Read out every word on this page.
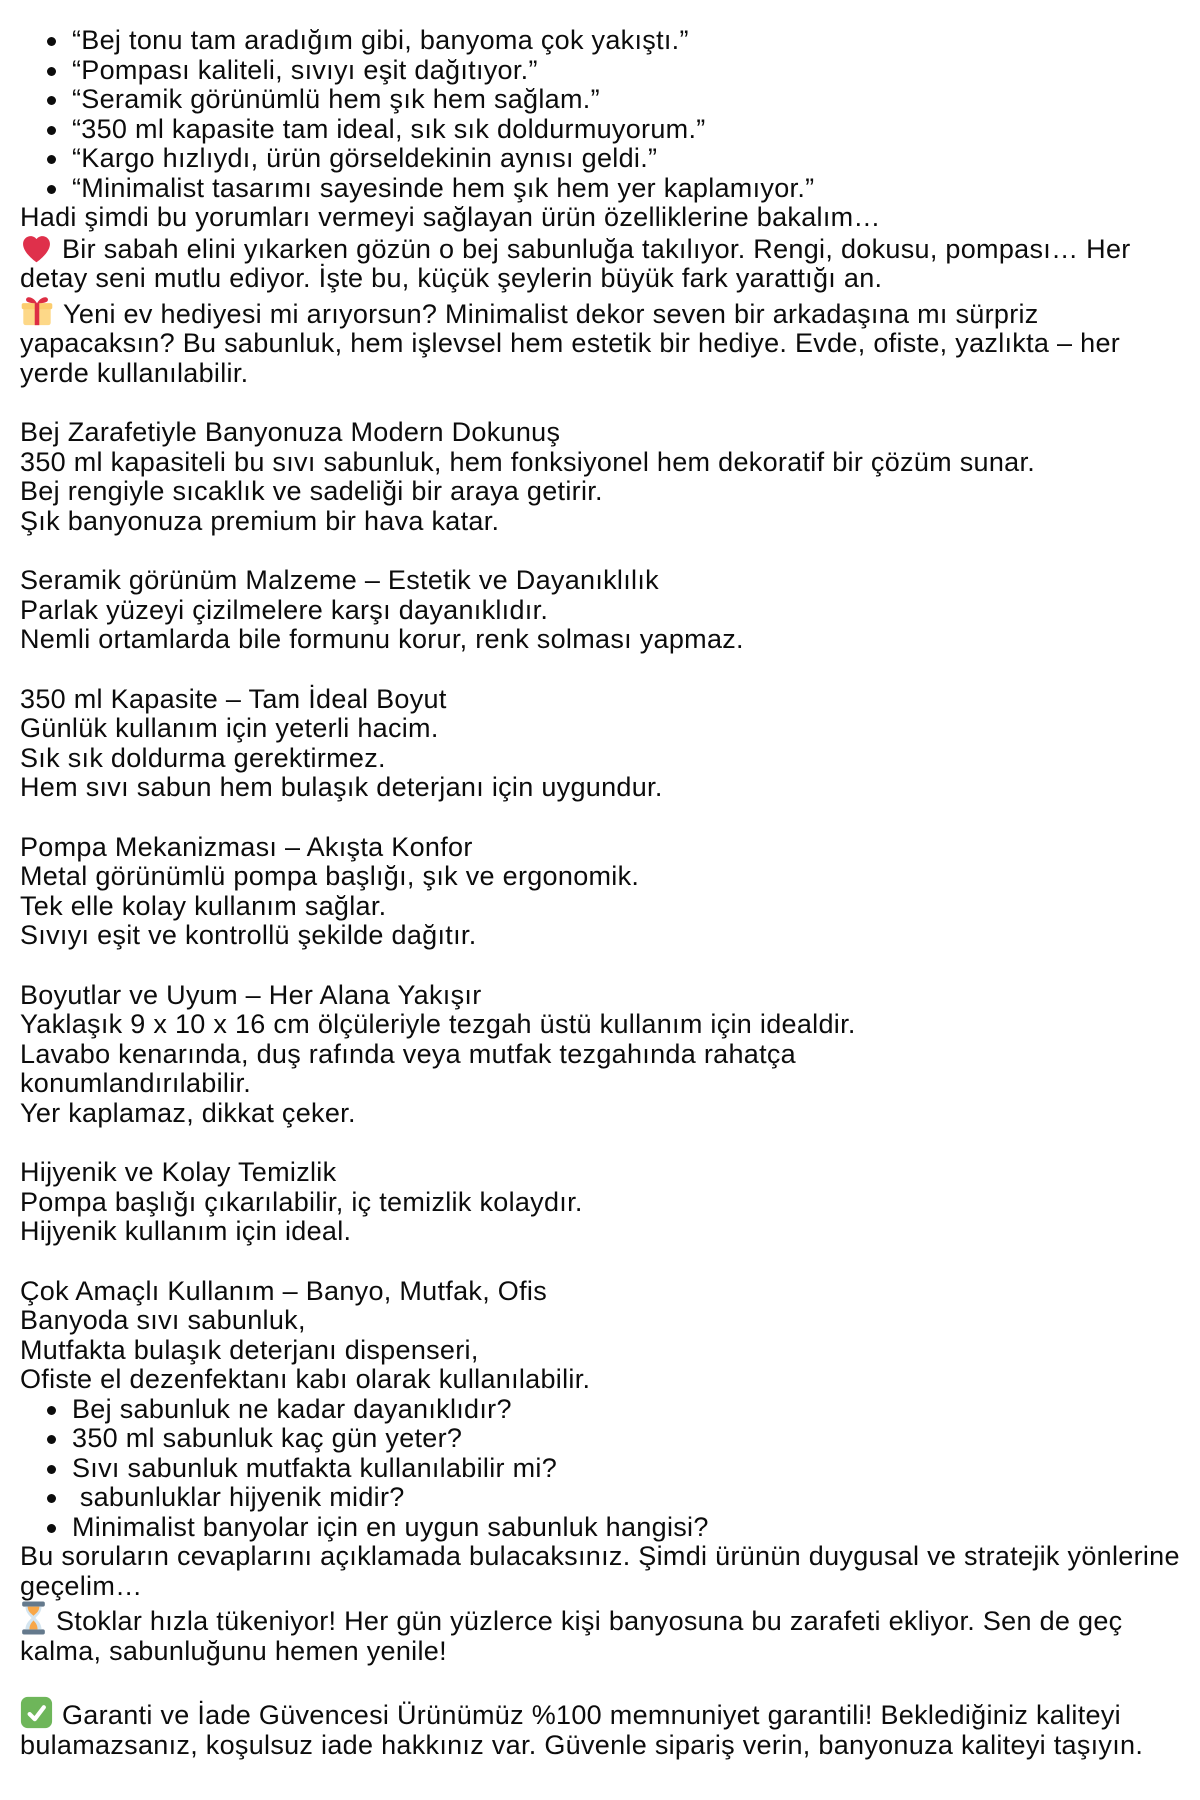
“Bej tonu tam aradığım gibi, banyoma çok yakıştı.”
“Pompası kaliteli, sıvıyı eşit dağıtıyor.”
“Seramik görünümlü hem şık hem sağlam.”
“350 ml kapasite tam ideal, sık sık doldurmuyorum.”
“Kargo hızlıydı, ürün görseldekinin aynısı geldi.”
“Minimalist tasarımı sayesinde hem şık hem yer kaplamıyor.”

Hadi şimdi bu yorumları vermeyi sağlayan ürün özelliklerine bakalım…

Bir sabah elini yıkarken gözün o bej sabunluğa takılıyor. Rengi, dokusu, pompası… Her detay seni mutlu ediyor. İşte bu, küçük şeylerin büyük fark yarattığı an.

Yeni ev hediyesi mi arıyorsun? Minimalist dekor seven bir arkadaşına mı sürpriz yapacaksın? Bu sabunluk, hem işlevsel hem estetik bir hediye. Evde, ofiste, yazlıkta – her yerde kullanılabilir.

Bej Zarafetiyle Banyonuza Modern Dokunuş
350 ml kapasiteli bu sıvı sabunluk, hem fonksiyonel hem dekoratif bir çözüm sunar.
Bej rengiyle sıcaklık ve sadeliği bir araya getirir.
Şık banyonuza premium bir hava katar.
Seramik görünüm Malzeme – Estetik ve Dayanıklılık
Parlak yüzeyi çizilmelere karşı dayanıklıdır.
Nemli ortamlarda bile formunu korur, renk solması yapmaz.
350 ml Kapasite – Tam İdeal Boyut
Günlük kullanım için yeterli hacim.
Sık sık doldurma gerektirmez.
Hem sıvı sabun hem bulaşık deterjanı için uygundur.
Pompa Mekanizması – Akışta Konfor
Metal görünümlü pompa başlığı, şık ve ergonomik.
Tek elle kolay kullanım sağlar.
Sıvıyı eşit ve kontrollü şekilde dağıtır.
Boyutlar ve Uyum – Her Alana Yakışır
Yaklaşık 9 x 10 x 16 cm ölçüleriyle tezgah üstü kullanım için idealdir.
Lavabo kenarında, duş rafında veya mutfak tezgahında rahatça
konumlandırılabilir.
Yer kaplamaz, dikkat çeker.
Hijyenik ve Kolay Temizlik
Pompa başlığı çıkarılabilir, iç temizlik kolaydır.
Hijyenik kullanım için ideal.
Çok Amaçlı Kullanım – Banyo, Mutfak, Ofis
Banyoda sıvı sabunluk,
Mutfakta bulaşık deterjanı dispenseri,
Ofiste el dezenfektanı kabı olarak kullanılabilir.
Bej sabunluk ne kadar dayanıklıdır?
350 ml sabunluk kaç gün yeter?
Sıvı sabunluk mutfakta kullanılabilir mi?
sabunluklar hijyenik midir?
Minimalist banyolar için en uygun sabunluk hangisi?

Bu soruların cevaplarını açıklamada bulacaksınız. Şimdi ürünün duygusal ve stratejik yönlerine geçelim…

Stoklar hızla tükeniyor! Her gün yüzlerce kişi banyosuna bu zarafeti ekliyor. Sen de geç kalma, sabunluğunu hemen yenile!

Garanti ve İade Güvencesi Ürünümüz %100 memnuniyet garantili! Beklediğiniz kaliteyi bulamazsanız, koşulsuz iade hakkınız var. Güvenle sipariş verin, banyonuza kaliteyi taşıyın.
